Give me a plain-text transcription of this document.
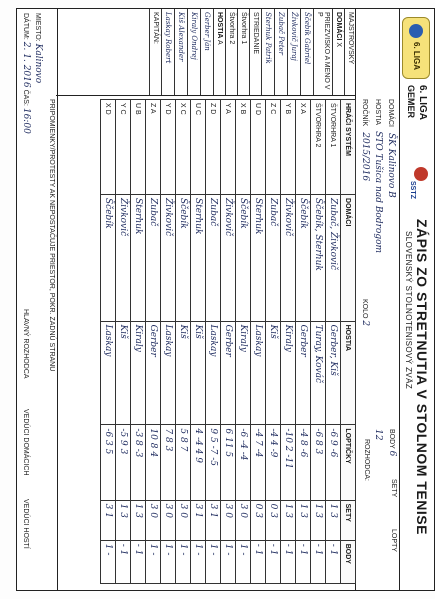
6. LIGA
6. LIGA
GEMER
SSTZ
ZÁPIS ZO STRETNUTIA V STOLNOM TENISE
SLOVENSKÝ STOLNOTENISOVÝ ZVÄZ
DOMÁCIŠK Kalinovo B
HOSTIASTO Tušica nad Bodrogom
ROČNÍK2015/2016
KOLO 2
BODY 6
SETY
LOPTY
12
ROZHODCA:
MAJSTROVSKÝ
DOMÁCI X
PRIEZVISKO A MENO V P
Ščebík Gabriel
Živkovič Juraj
Zubač Peter
Sterhuk Patrik
STRIEDANIE
Štvorhra 1
Štvorhra 2
HOSTIA A
Gerber Ján
Kiraly Ondrej
Kiš Alexander
Laskay Robert
KAPITÁN:
HRÁČI SYSTÉM	DOMÁCI	HOSTIA	LOPTIČKY	SETY	BODY
ŠTVORHRA 1	Zubač, Živkovič	Gerber, Kiš	-6 9 -6	1 3	- 1
ŠTVORHRA 2	Ščebík, Sterhuk	Turay, Kováč	-6 8 3	1 3	- 1
X A	Ščebík	Gerber	-4 8 -6	1 3	- 1
Y B	Živkovič	Kiraly	-10 2 -11	1 3	- 1
Z C	Zubač	Kiš	-4 4 -9	0 3	- 1
U D	Sterhuk	Laskay	-4 7 -4	0 3	- 1
X B	Ščebík	Kiraly	-6 -4 -4	3 0	1 -
Y A	Živkovič	Gerber	6 11 5	3 0	1 -
Z D	Zubač	Laskay	9 5 -7 -5	3 1	1 -
U C	Sterhuk	Kiš	4 -4 4 9	3 1	1 -
X C	Ščebík	Kiš	5 8 7	3 0	1 -
Y D	Živkovič	Laskay	7 8 3	3 0	1 -
Z A	Zubač	Gerber	10 8 4	3 0	1 -
U B	Sterhuk	Kiraly	-3 8 -3	1 3	- 1
Y C	Živkovič	Kiš	-5 9 3	1 3	- 1
X D	Ščebík	Laskay	-6 3 5	3 1	1 -
PRIPOMIENKY/PROTESTY AK NEPOSTAČUJE PRIESTOR, POKR. ZADNÚ STRANU
MIESTO: Kalinovo
DÁTUM: 2. 1. 2016 ČAS: 16:00
HLAVNÝ ROZHODCA
VEDÚCI DOMÁCICH
VEDÚCI HOSTÍ
